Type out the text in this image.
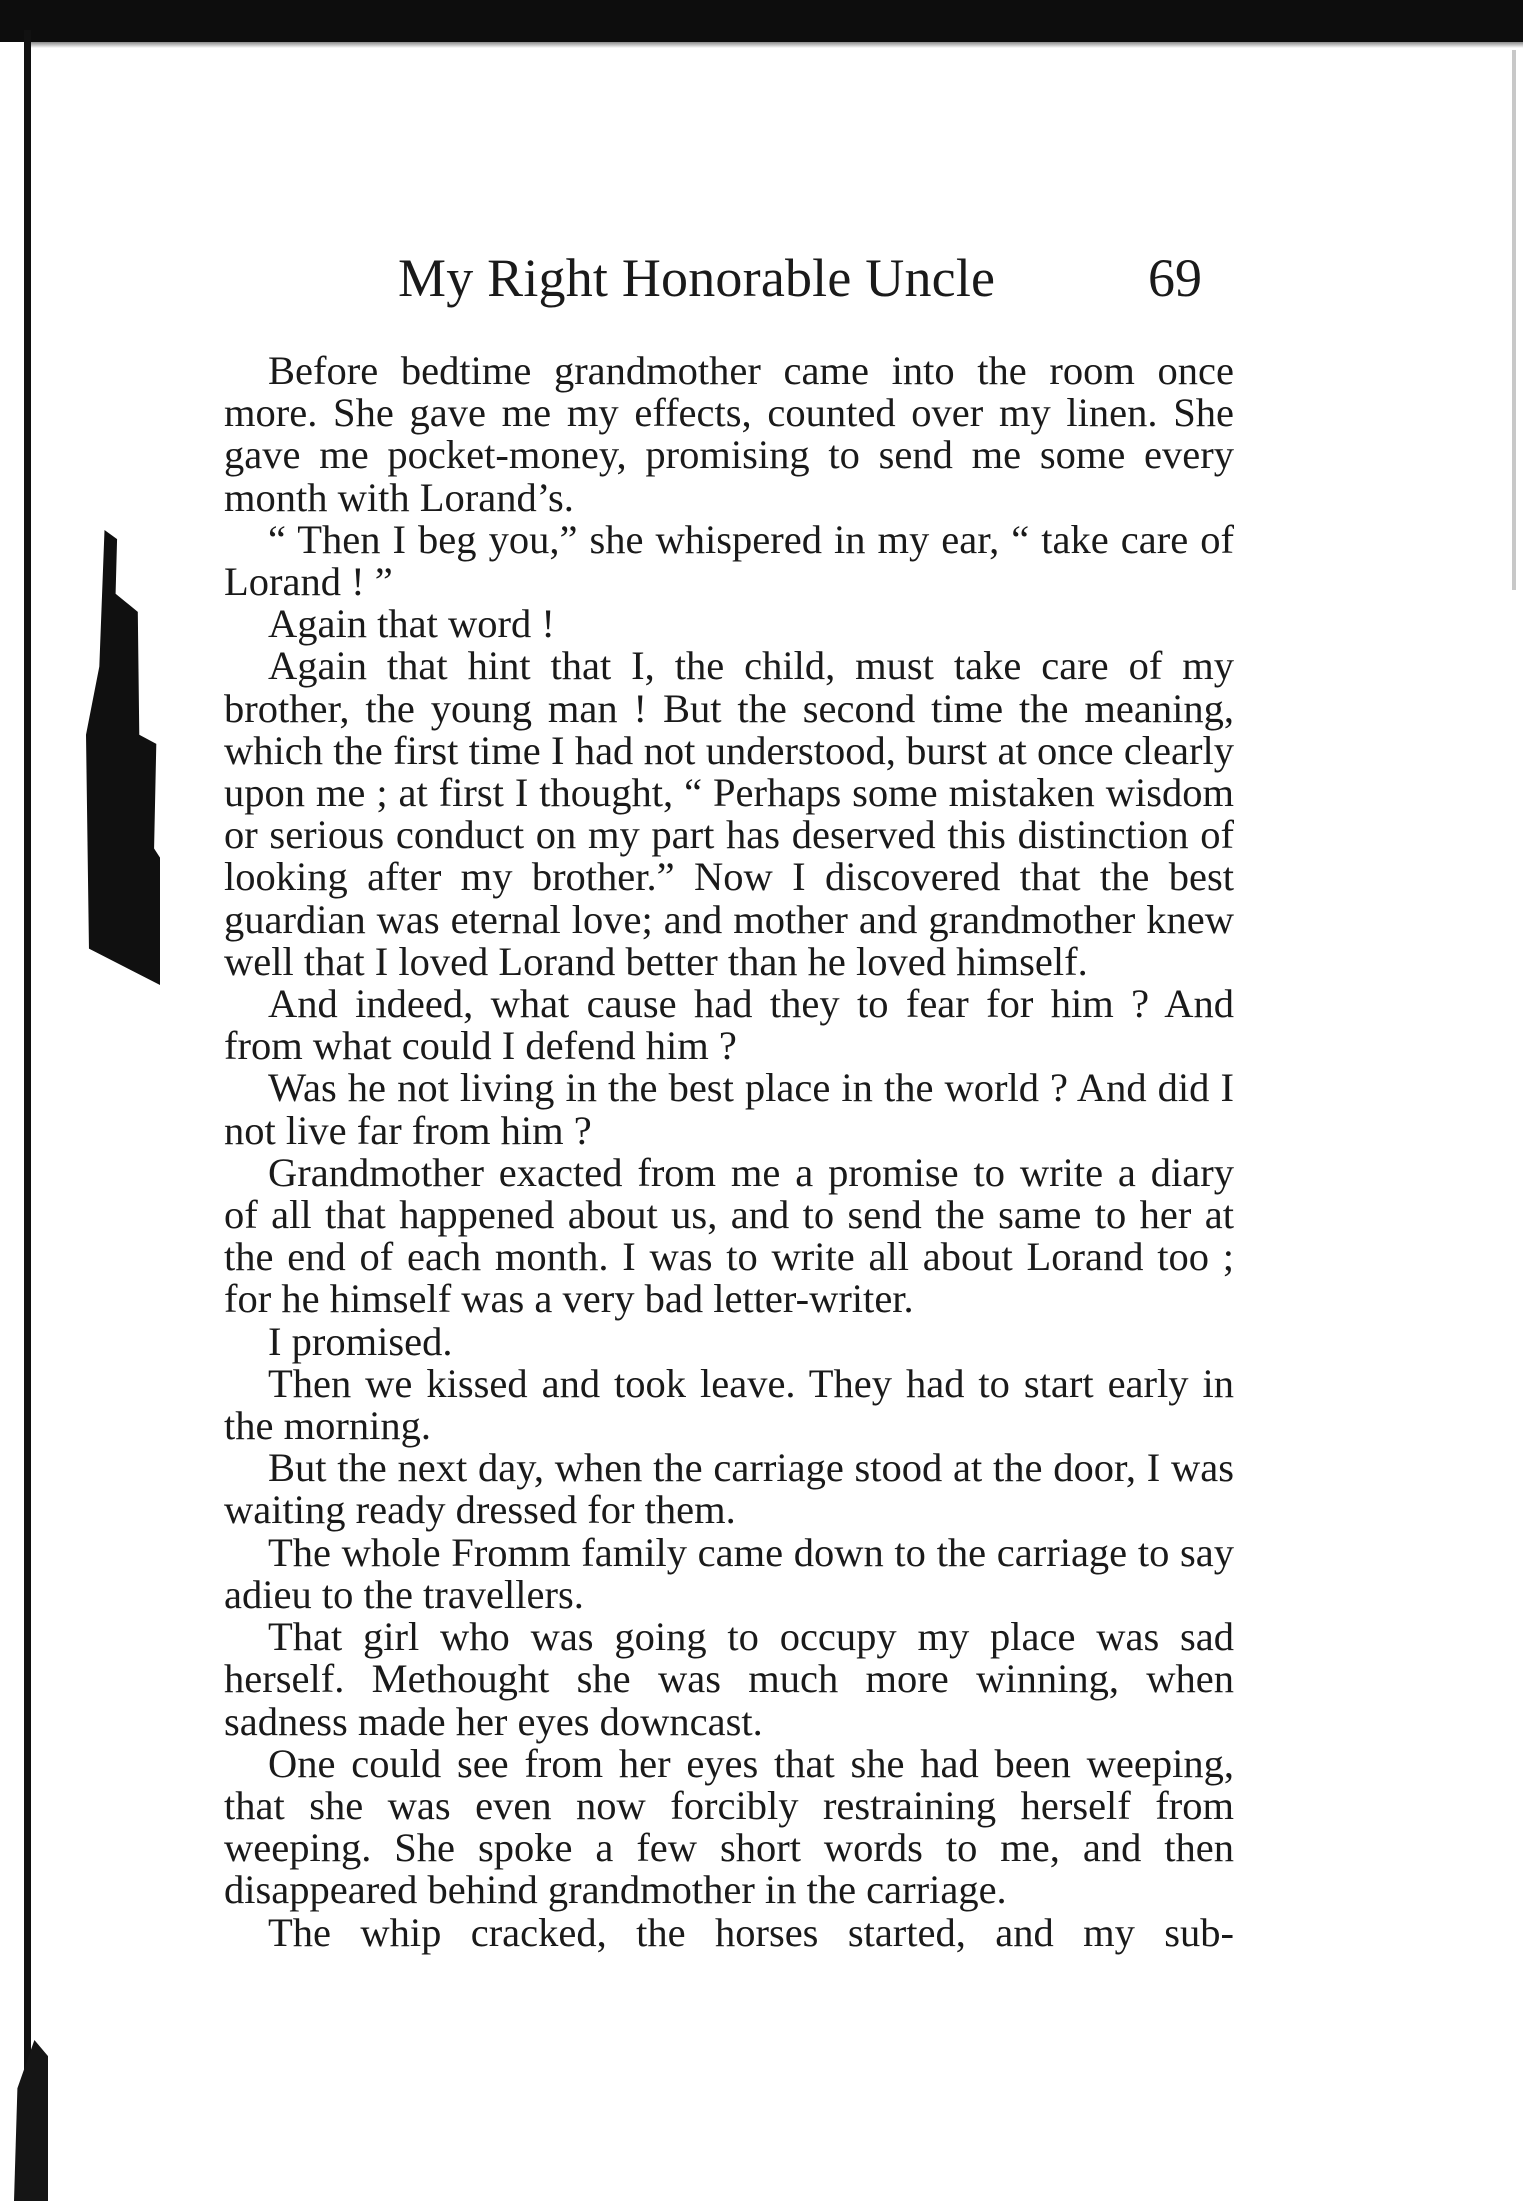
My Right Honorable Uncle	69

Before bedtime grandmother came into the room once more. She gave me my effects, counted over my linen. She gave me pocket-money, promising to send me some every month with Lorand’s.

“ Then I beg you,” she whispered in my ear, “ take care of Lorand ! ”

Again that word !

Again that hint that I, the child, must take care of my brother, the young man ! But the second time the meaning, which the first time I had not understood, burst at once clearly upon me ; at first I thought, “ Perhaps some mistaken wisdom or serious conduct on my part has deserved this distinction of looking after my brother.” Now I discovered that the best guardian was eternal love; and mother and grandmother knew well that I loved Lorand better than he loved himself.

And indeed, what cause had they to fear for him ? And from what could I defend him ?

Was he not living in the best place in the world ? And did I not live far from him ?

Grandmother exacted from me a promise to write a diary of all that happened about us, and to send the same to her at the end of each month. I was to write all about Lorand too ; for he himself was a very bad letter-writer.

I promised.

Then we kissed and took leave. They had to start early in the morning.

But the next day, when the carriage stood at the door, I was waiting ready dressed for them.

The whole Fromm family came down to the carriage to say adieu to the travellers.

That girl who was going to occupy my place was sad herself. Methought she was much more winning, when sadness made her eyes downcast.

One could see from her eyes that she had been weeping, that she was even now forcibly restraining herself from weeping. She spoke a few short words to me, and then disappeared behind grandmother in the carriage.

The whip cracked, the horses started, and my sub-
